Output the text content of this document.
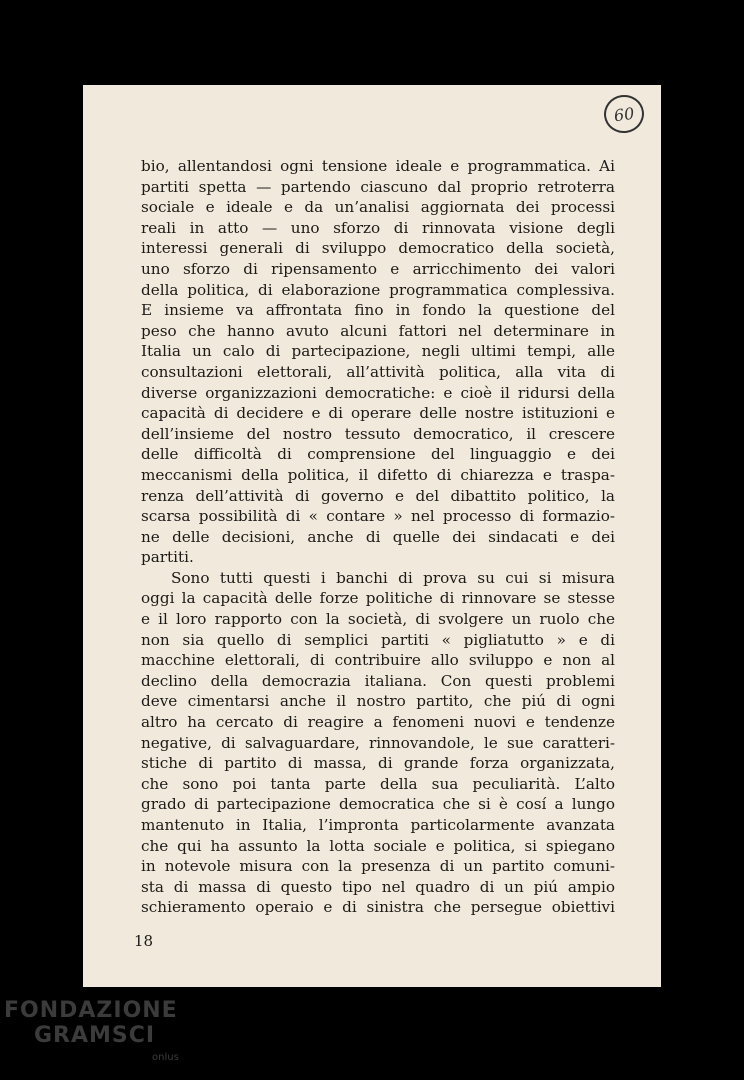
60
bio, allentandosi ogni tensione ideale e programmatica. Ai
partiti spetta — partendo ciascuno dal proprio retroterra
sociale e ideale e da un’analisi aggiornata dei processi
reali in atto — uno sforzo di rinnovata visione degli
interessi generali di sviluppo democratico della società,
uno sforzo di ripensamento e arricchimento dei valori
della politica, di elaborazione programmatica complessiva.
E insieme va affrontata fino in fondo la questione del
peso che hanno avuto alcuni fattori nel determinare in
Italia un calo di partecipazione, negli ultimi tempi, alle
consultazioni elettorali, all’attività politica, alla vita di
diverse organizzazioni democratiche: e cioè il ridursi della
capacità di decidere e di operare delle nostre istituzioni e
dell’insieme del nostro tessuto democratico, il crescere
delle difficoltà di comprensione del linguaggio e dei
meccanismi della politica, il difetto di chiarezza e traspa-
renza dell’attività di governo e del dibattito politico, la
scarsa possibilità di « contare » nel processo di formazio-
ne delle decisioni, anche di quelle dei sindacati e dei
partiti.
Sono tutti questi i banchi di prova su cui si misura
oggi la capacità delle forze politiche di rinnovare se stesse
e il loro rapporto con la società, di svolgere un ruolo che
non sia quello di semplici partiti « pigliatutto » e di
macchine elettorali, di contribuire allo sviluppo e non al
declino della democrazia italiana. Con questi problemi
deve cimentarsi anche il nostro partito, che piú di ogni
altro ha cercato di reagire a fenomeni nuovi e tendenze
negative, di salvaguardare, rinnovandole, le sue caratteri-
stiche di partito di massa, di grande forza organizzata,
che sono poi tanta parte della sua peculiarità. L’alto
grado di partecipazione democratica che si è cosí a lungo
mantenuto in Italia, l’impronta particolarmente avanzata
che qui ha assunto la lotta sociale e politica, si spiegano
in notevole misura con la presenza di un partito comuni-
sta di massa di questo tipo nel quadro di un piú ampio
schieramento operaio e di sinistra che persegue obiettivi
18
FONDAZIONE
GRAMSCI
onlus
